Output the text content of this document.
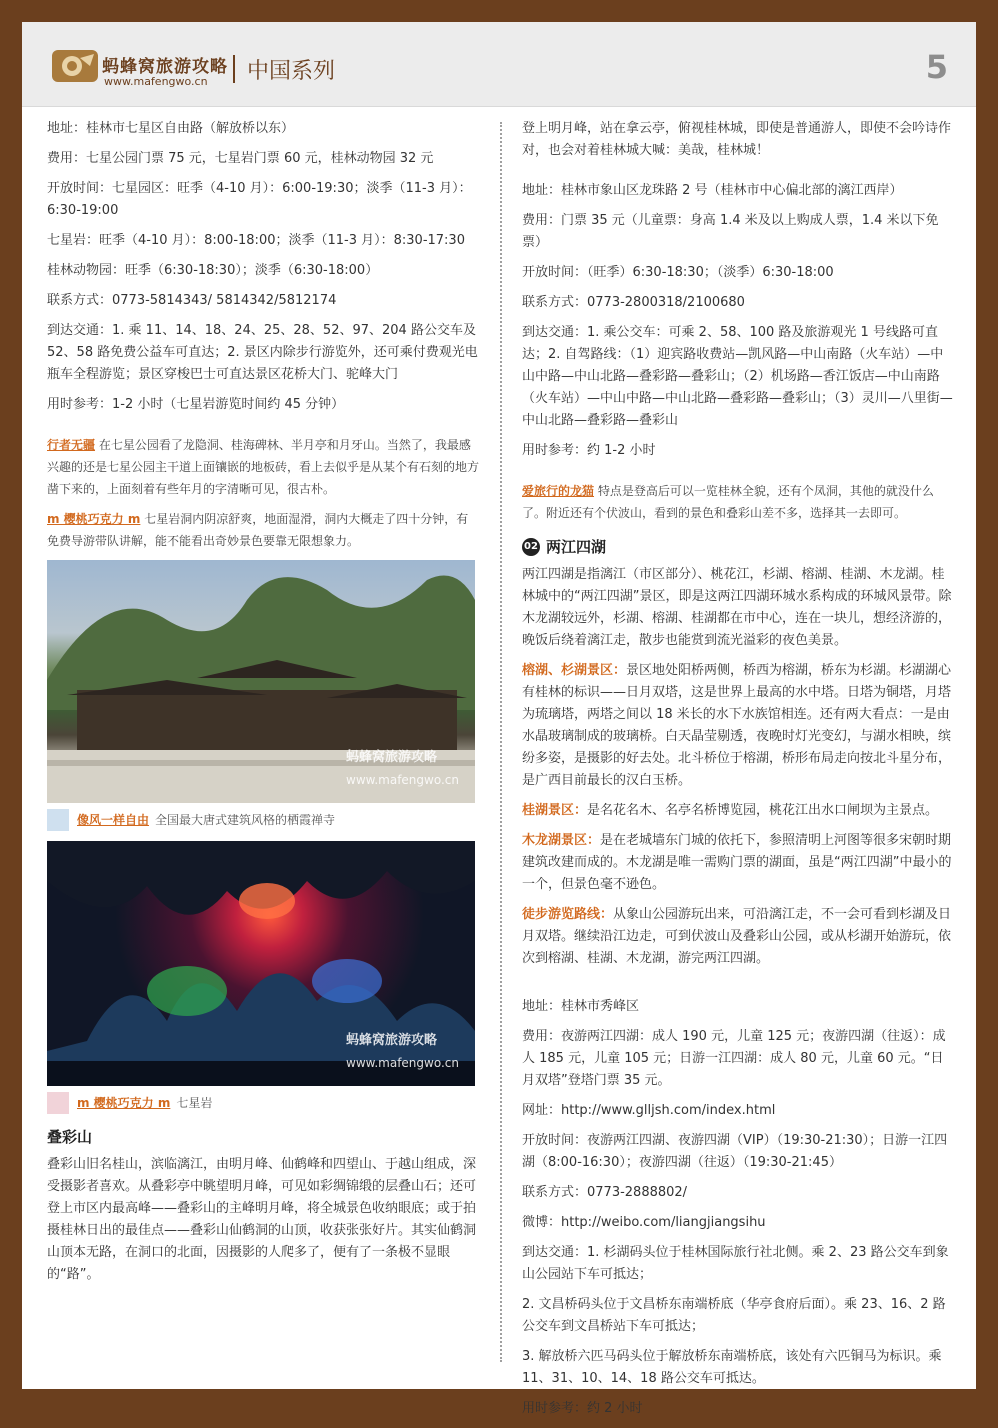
蚂蜂窝旅游攻略
www.mafengwo.cn 中国系列	5

地址：桂林市七星区自由路（解放桥以东）

费用：七星公园门票 75 元，七星岩门票 60 元，桂林动物园 32 元

开放时间：七星园区：旺季（4-10 月）：6:00-19:30；淡季（11-3 月）：6:30-19:00

七星岩：旺季（4-10 月）：8:00-18:00；淡季（11-3 月）：8:30-17:30

桂林动物园：旺季（6:30-18:30）；淡季（6:30-18:00）

联系方式：0773-5814343/ 5814342/5812174

到达交通：1. 乘 11、14、18、24、25、28、52、97、204 路公交车及 52、58 路免费公益车可直达；2. 景区内除步行游览外，还可乘付费观光电瓶车全程游览；景区穿梭巴士可直达景区花桥大门、驼峰大门

用时参考：1-2 小时（七星岩游览时间约 45 分钟）

行者无疆 在七星公园看了龙隐洞、桂海碑林、半月亭和月牙山。当然了，我最感兴趣的还是七星公园主干道上面镶嵌的地板砖，看上去似乎是从某个有石刻的地方凿下来的，上面刻着有些年月的字清晰可见，很古朴。

m 樱桃巧克力 m 七星岩洞内阴凉舒爽，地面湿滑，洞内大概走了四十分钟，有免费导游带队讲解，能不能看出奇妙景色要靠无限想象力。

蚂蜂窝旅游攻略
www.mafengwo.cn
像风一样自由 全国最大唐式建筑风格的栖霞禅寺
蚂蜂窝旅游攻略
www.mafengwo.cn
m 樱桃巧克力 m 七星岩
叠彩山

叠彩山旧名桂山，滨临漓江，由明月峰、仙鹤峰和四望山、于越山组成，深受摄影者喜欢。从叠彩亭中眺望明月峰，可见如彩绸锦缎的层叠山石；还可登上市区内最高峰——叠彩山的主峰明月峰，将全城景色收纳眼底；或于拍摄桂林日出的最佳点——叠彩山仙鹤洞的山顶，收获张张好片。其实仙鹤洞山顶本无路，在洞口的北面，因摄影的人爬多了，便有了一条极不显眼的“路”。

登上明月峰，站在拿云亭，俯视桂林城，即使是普通游人，即使不会吟诗作对，也会对着桂林城大喊：美哉，桂林城！

地址：桂林市象山区龙珠路 2 号（桂林市中心偏北部的漓江西岸）

费用：门票 35 元（儿童票：身高 1.4 米及以上购成人票，1.4 米以下免票）

开放时间：（旺季）6:30-18:30；（淡季）6:30-18:00

联系方式：0773-2800318/2100680

到达交通：1. 乘公交车：可乘 2、58、100 路及旅游观光 1 号线路可直达；2. 自驾路线：（1）迎宾路收费站—凯风路—中山南路（火车站）—中山中路—中山北路—叠彩路—叠彩山；（2）机场路—香江饭店—中山南路（火车站）—中山中路—中山北路—叠彩路—叠彩山；（3）灵川—八里街—中山北路—叠彩路—叠彩山

用时参考：约 1-2 小时

爱旅行的龙猫 特点是登高后可以一览桂林全貌，还有个凤洞，其他的就没什么了。附近还有个伏波山，看到的景色和叠彩山差不多，选择其一去即可。

02 两江四湖

两江四湖是指漓江（市区部分）、桃花江，杉湖、榕湖、桂湖、木龙湖。桂林城中的“两江四湖”景区，即是这两江四湖环城水系构成的环城风景带。除木龙湖较远外，杉湖、榕湖、桂湖都在市中心，连在一块儿，想经济游的，晚饭后绕着漓江走，散步也能赏到流光溢彩的夜色美景。

榕湖、杉湖景区：景区地处阳桥两侧，桥西为榕湖，桥东为杉湖。杉湖湖心有桂林的标识——日月双塔，这是世界上最高的水中塔。日塔为铜塔，月塔为琉璃塔，两塔之间以 18 米长的水下水族馆相连。还有两大看点：一是由水晶玻璃制成的玻璃桥。白天晶莹剔透，夜晚时灯光变幻，与湖水相映，缤纷多姿，是摄影的好去处。北斗桥位于榕湖，桥形布局走向按北斗星分布，是广西目前最长的汉白玉桥。

桂湖景区：是名花名木、名亭名桥博览园，桃花江出水口闸坝为主景点。

木龙湖景区：是在老城墙东门城的依托下，参照清明上河图等很多宋朝时期建筑改建而成的。木龙湖是唯一需购门票的湖面，虽是“两江四湖”中最小的一个，但景色毫不逊色。

徒步游览路线：从象山公园游玩出来，可沿漓江走，不一会可看到杉湖及日月双塔。继续沿江边走，可到伏波山及叠彩山公园，或从杉湖开始游玩，依次到榕湖、桂湖、木龙湖，游完两江四湖。

地址：桂林市秀峰区

费用：夜游两江四湖：成人 190 元，儿童 125 元；夜游四湖（往返）：成人 185 元，儿童 105 元；日游一江四湖：成人 80 元，儿童 60 元。“日月双塔”登塔门票 35 元。

网址：http://www.glljsh.com/index.html

开放时间：夜游两江四湖、夜游四湖（VIP）（19:30-21:30）；日游一江四湖（8:00-16:30）；夜游四湖（往返）（19:30-21:45）

联系方式：0773-2888802/

微博：http://weibo.com/liangjiangsihu

到达交通：1. 杉湖码头位于桂林国际旅行社北侧。乘 2、23 路公交车到象山公园站下车可抵达；

2. 文昌桥码头位于文昌桥东南端桥底（华亭食府后面）。乘 23、16、2 路公交车到文昌桥站下车可抵达；

3. 解放桥六匹马码头位于解放桥东南端桥底，该处有六匹铜马为标识。乘 11、31、10、14、18 路公交车可抵达。

用时参考：约 2 小时
